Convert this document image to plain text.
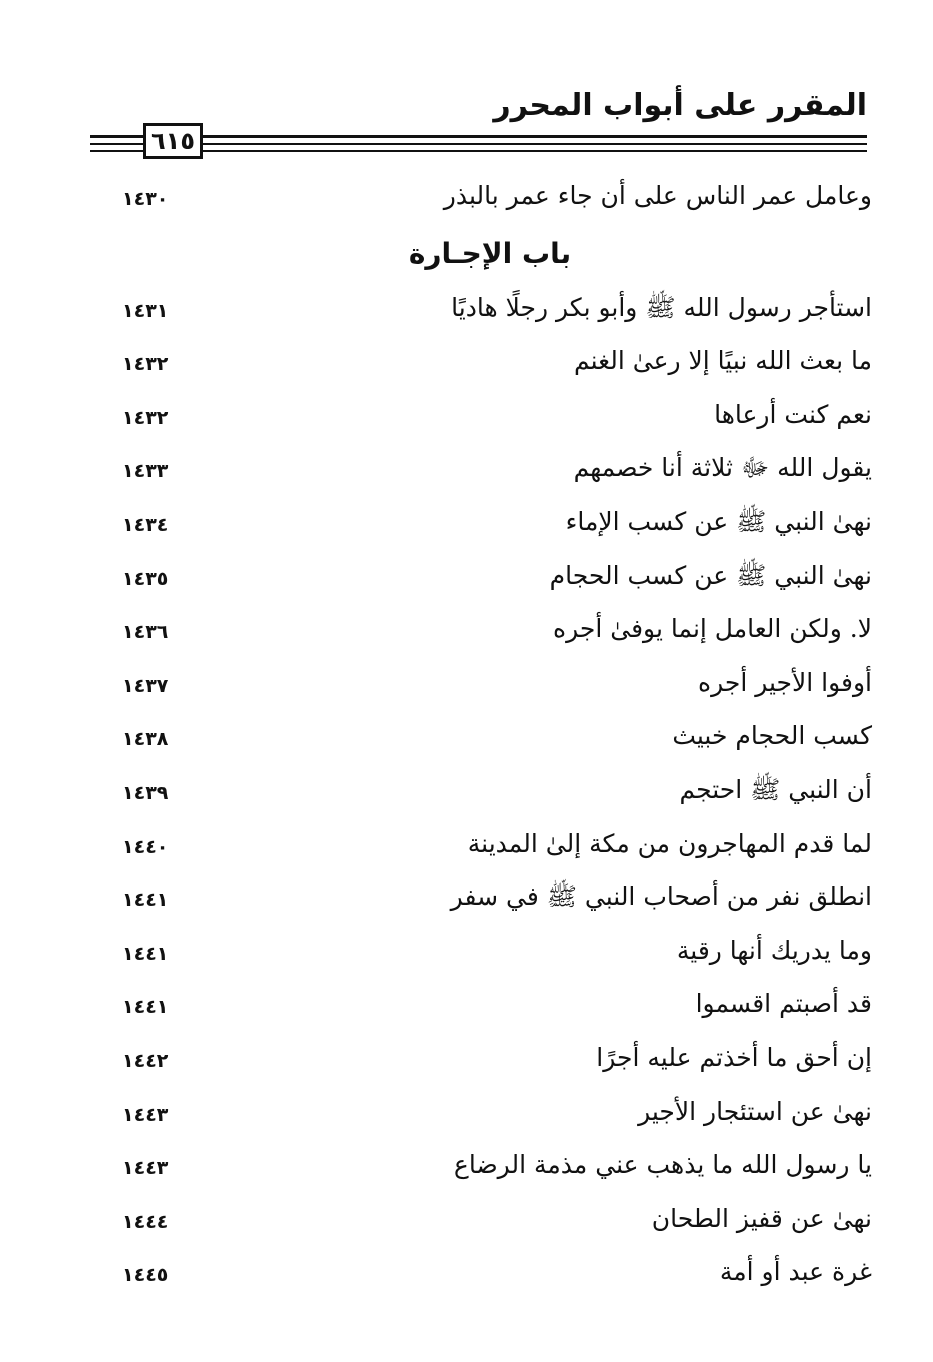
المقرر على أبواب المحرر
٦١٥
وعامل عمر الناس على أن جاء عمر بالبذر
١٤٣٠
باب الإجـارة
استأجر رسول الله ﷺ وأبو بكر رجلًا هاديًا
١٤٣١
ما بعث الله نبيًا إلا رعىٰ الغنم
١٤٣٢
نعم كنت أرعاها
١٤٣٢
يقول الله ﷻ ثلاثة أنا خصمهم
١٤٣٣
نهىٰ النبي ﷺ عن كسب الإماء
١٤٣٤
نهىٰ النبي ﷺ عن كسب الحجام
١٤٣٥
لا. ولكن العامل إنما يوفىٰ أجره
١٤٣٦
أوفوا الأجير أجره
١٤٣٧
كسب الحجام خبيث
١٤٣٨
أن النبي ﷺ احتجم
١٤٣٩
لما قدم المهاجرون من مكة إلىٰ المدينة
١٤٤٠
انطلق نفر من أصحاب النبي ﷺ في سفر
١٤٤١
وما يدريك أنها رقية
١٤٤١
قد أصبتم اقسموا
١٤٤١
إن أحق ما أخذتم عليه أجرًا
١٤٤٢
نهىٰ عن استئجار الأجير
١٤٤٣
يا رسول الله ما يذهب عني مذمة الرضاع
١٤٤٣
نهىٰ عن قفيز الطحان
١٤٤٤
غرة عبد أو أمة
١٤٤٥
